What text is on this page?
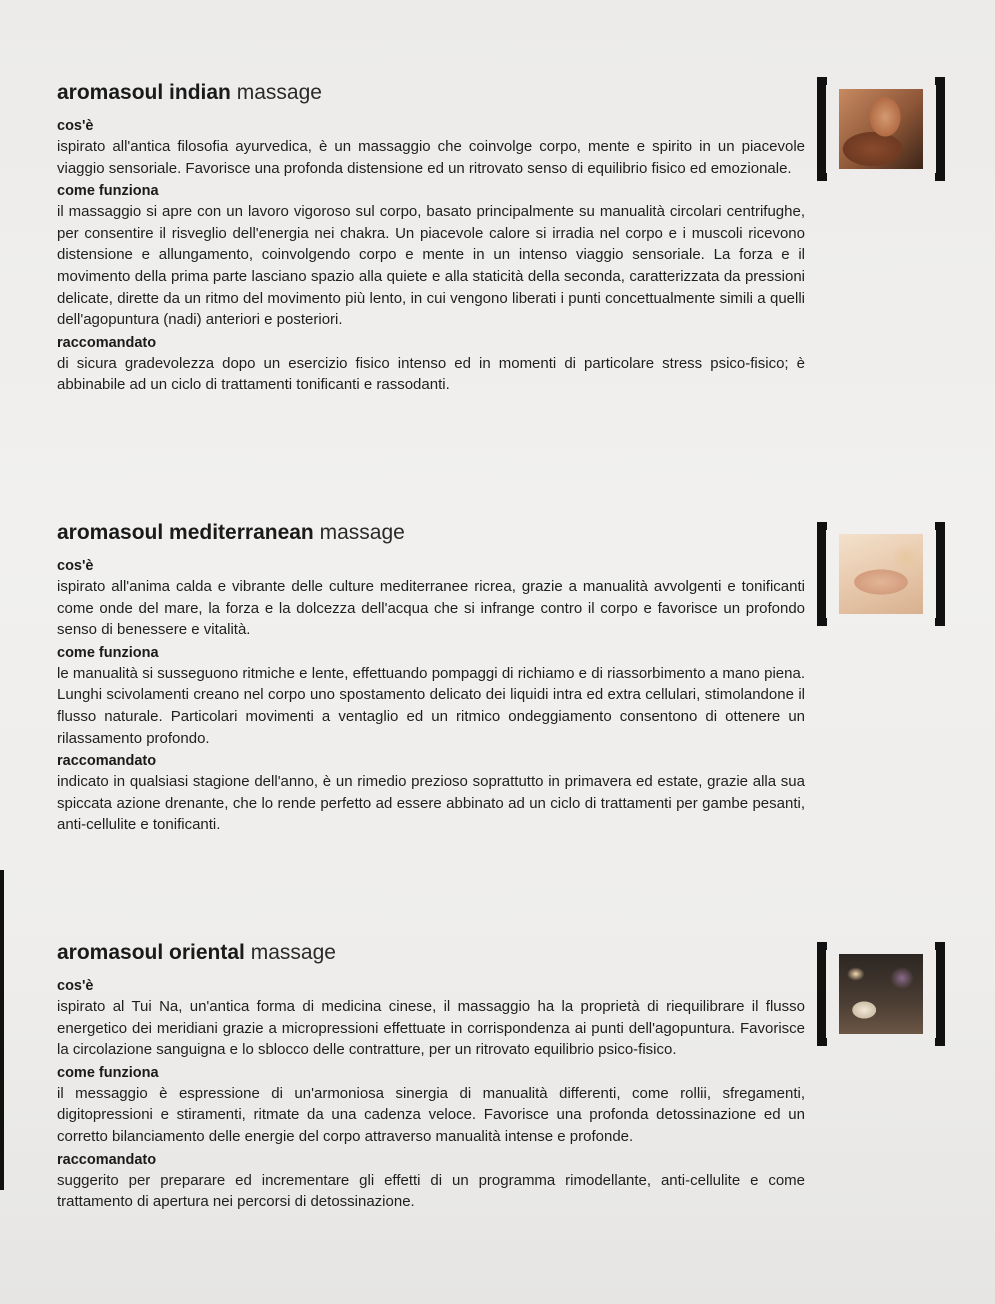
aromasoul indian massage

cos'è

ispirato all'antica filosofia ayurvedica, è un massaggio che coinvolge corpo, mente e spirito in un piacevole viaggio sensoriale. Favorisce una profonda distensione ed un ritrovato senso di equilibrio fisico ed emozionale.

come funziona

il massaggio si apre con un lavoro vigoroso sul corpo, basato principalmente su manualità circolari centrifughe, per consentire il risveglio dell'energia nei chakra. Un piacevole calore si irradia nel corpo e i muscoli ricevono distensione e allungamento, coinvolgendo corpo e mente in un intenso viaggio sensoriale. La forza e il movimento della prima parte lasciano spazio alla quiete e alla staticità della seconda, caratterizzata da pressioni delicate, dirette da un ritmo del movimento più lento, in cui vengono liberati i punti concettualmente simili a quelli dell'agopuntura (nadi) anteriori e posteriori.

raccomandato

di sicura gradevolezza dopo un esercizio fisico intenso ed in momenti di particolare stress psico-fisico; è abbinabile ad un ciclo di trattamenti tonificanti e rassodanti.

aromasoul mediterranean massage

cos'è

ispirato all'anima calda e vibrante delle culture mediterranee ricrea, grazie a manualità avvolgenti e tonificanti come onde del mare, la forza e la dolcezza dell'acqua che si infrange contro il corpo e favorisce un profondo senso di benessere e vitalità.

come funziona

le manualità si susseguono ritmiche e lente, effettuando pompaggi di richiamo e di riassorbimento a mano piena. Lunghi scivolamenti creano nel corpo uno spostamento delicato dei liquidi intra ed extra cellulari, stimolandone il flusso naturale. Particolari movimenti a ventaglio ed un ritmico ondeggiamento consentono di ottenere un rilassamento profondo.

raccomandato

indicato in qualsiasi stagione dell'anno, è un rimedio prezioso soprattutto in primavera ed estate, grazie alla sua spiccata azione drenante, che lo rende perfetto ad essere abbinato ad un ciclo di trattamenti per gambe pesanti, anti-cellulite e tonificanti.

aromasoul oriental massage

cos'è

ispirato al Tui Na, un'antica forma di medicina cinese, il massaggio ha la proprietà di riequilibrare il flusso energetico dei meridiani grazie a micropressioni effettuate in corrispondenza ai punti dell'agopuntura. Favorisce la circolazione sanguigna e lo sblocco delle contratture, per un ritrovato equilibrio psico-fisico.

come funziona

il messaggio è espressione di un'armoniosa sinergia di manualità differenti, come rollii, sfregamenti, digitopressioni e stiramenti, ritmate da una cadenza veloce. Favorisce una profonda detossinazione ed un corretto bilanciamento delle energie del corpo attraverso manualità intense e profonde.

raccomandato

suggerito per preparare ed incrementare gli effetti di un programma rimodellante, anti-cellulite e come trattamento di apertura nei percorsi di detossinazione.
